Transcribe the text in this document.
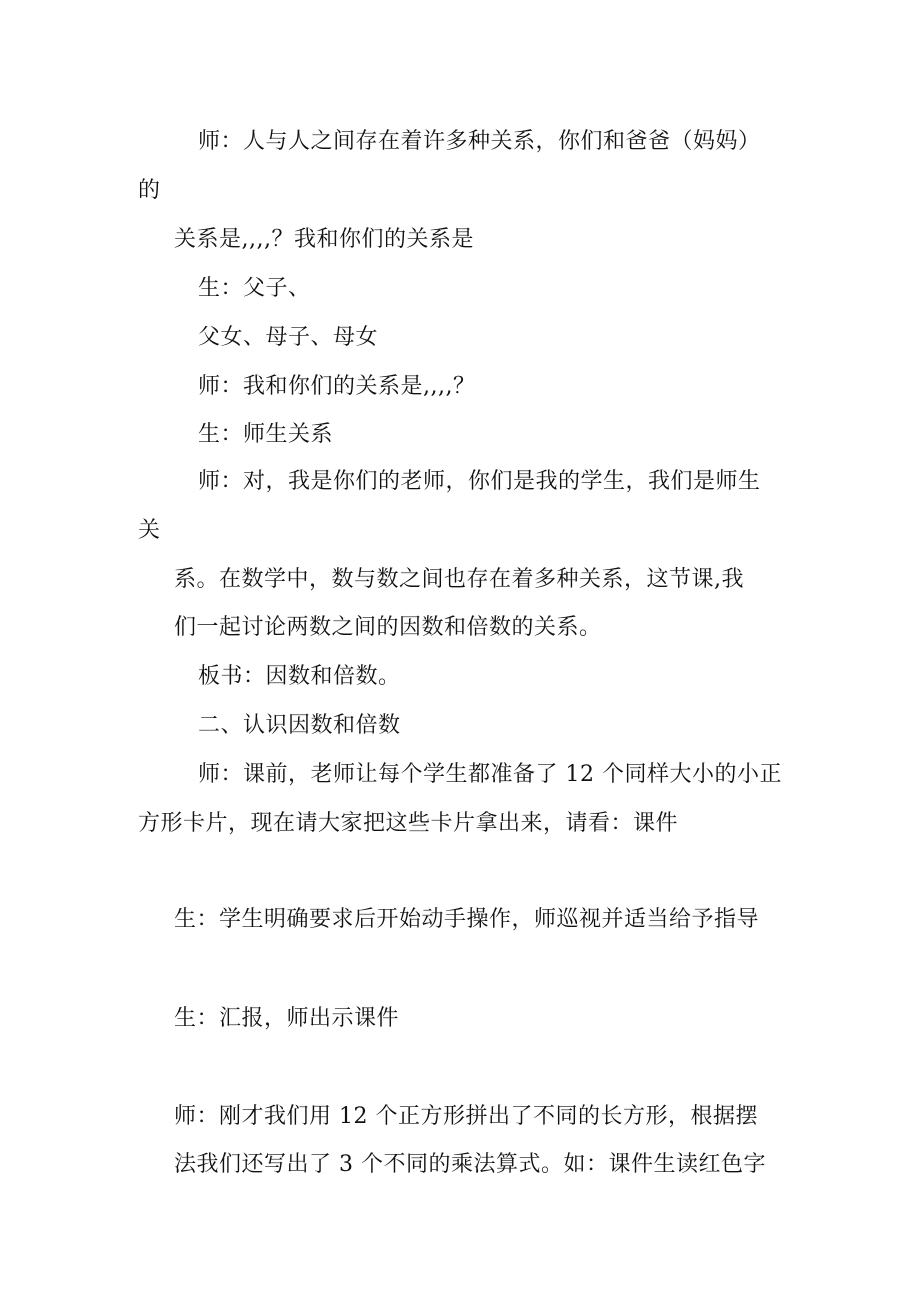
师：人与人之间存在着许多种关系，你们和爸爸（妈妈）
的
关系是,,,,？我和你们的关系是
生：父子、
父女、母子、母女
师：我和你们的关系是,,,,？
生：师生关系
师：对，我是你们的老师，你们是我的学生，我们是师生
关
系。在数学中，数与数之间也存在着多种关系，这节课,我
们一起讨论两数之间的因数和倍数的关系。
板书：因数和倍数。
二、认识因数和倍数
师：课前，老师让每个学生都准备了 12 个同样大小的小正
方形卡片，现在请大家把这些卡片拿出来，请看：课件
生：学生明确要求后开始动手操作，师巡视并适当给予指导
生：汇报，师出示课件
师：刚才我们用 12 个正方形拼出了不同的长方形，根据摆
法我们还写出了 3 个不同的乘法算式。如：课件生读红色字
